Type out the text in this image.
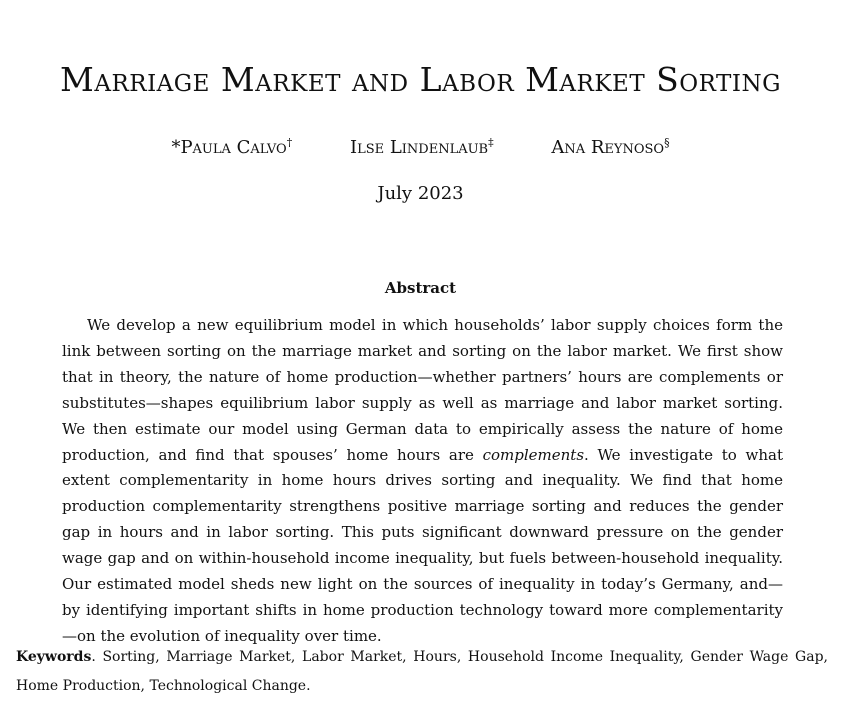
Marriage Market and Labor Market Sorting
*Paula Calvo†	Ilse Lindenlaub‡	Ana Reynoso§
July 2023
Abstract

We develop a new equilibrium model in which households’ labor supply choices form the link between sorting on the marriage market and sorting on the labor market. We first show that in theory, the nature of home production—whether partners’ hours are complements or substitutes—shapes equilibrium labor supply as well as marriage and labor market sorting. We then estimate our model using German data to empirically assess the nature of home production, and find that spouses’ home hours are complements. We investigate to what extent complementarity in home hours drives sorting and inequality. We find that home production complementarity strengthens positive marriage sorting and reduces the gender gap in hours and in labor sorting. This puts significant downward pressure on the gender wage gap and on within-household income inequality, but fuels between-household inequality. Our estimated model sheds new light on the sources of inequality in today’s Germany, and—by identifying important shifts in home production technology toward more complementarity—on the evolution of inequality over time.

Keywords. Sorting, Marriage Market, Labor Market, Hours, Household Income Inequality, Gender Wage Gap, Home Production, Technological Change.
